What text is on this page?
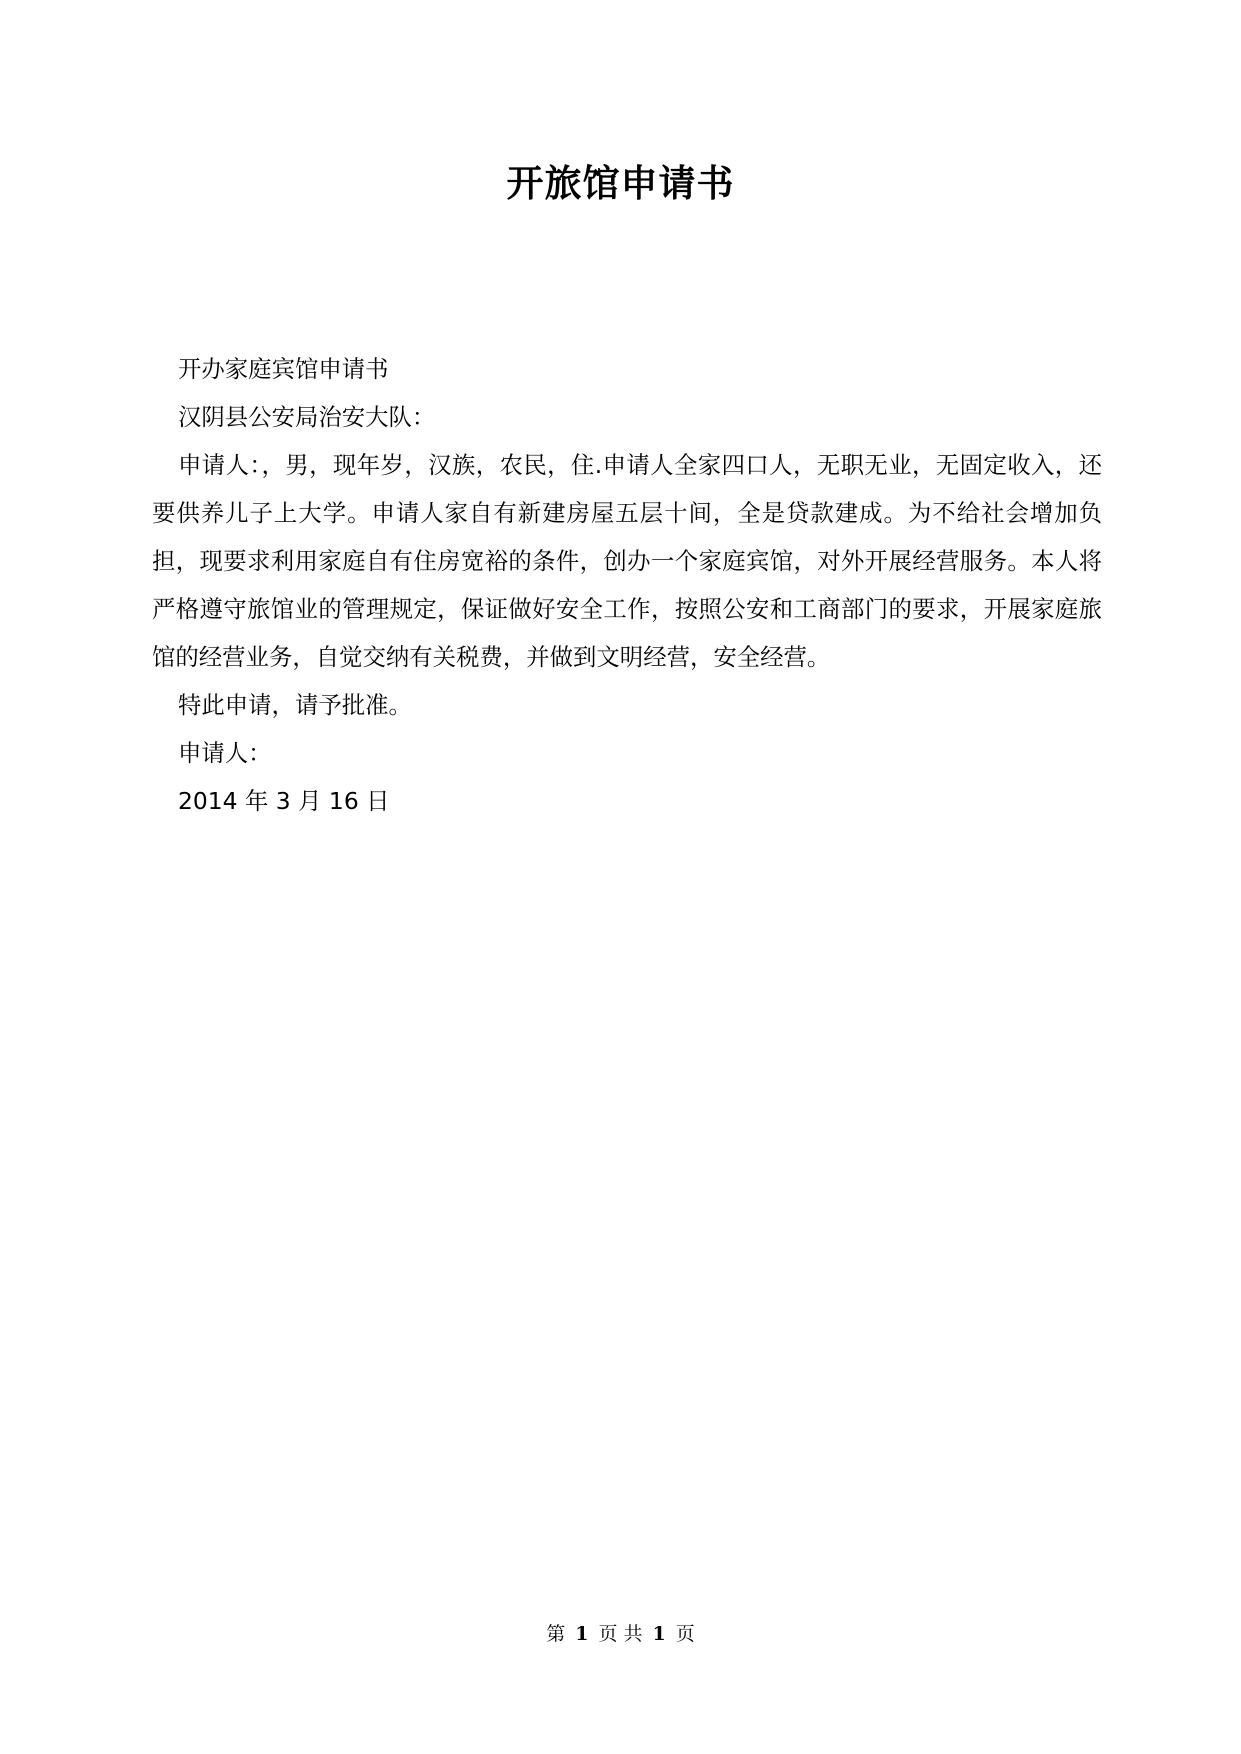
开旅馆申请书

开办家庭宾馆申请书

汉阴县公安局治安大队：

申请人：，男，现年岁，汉族，农民，住.申请人全家四口人，无职无业，无固定收入，还要供养儿子上大学。申请人家自有新建房屋五层十间，全是贷款建成。为不给社会增加负担，现要求利用家庭自有住房宽裕的条件，创办一个家庭宾馆，对外开展经营服务。本人将严格遵守旅馆业的管理规定，保证做好安全工作，按照公安和工商部门的要求，开展家庭旅馆的经营业务，自觉交纳有关税费，并做到文明经营，安全经营。

特此申请，请予批准。

申请人：

2014 年 3 月 16 日

第 1 页 共 1 页
